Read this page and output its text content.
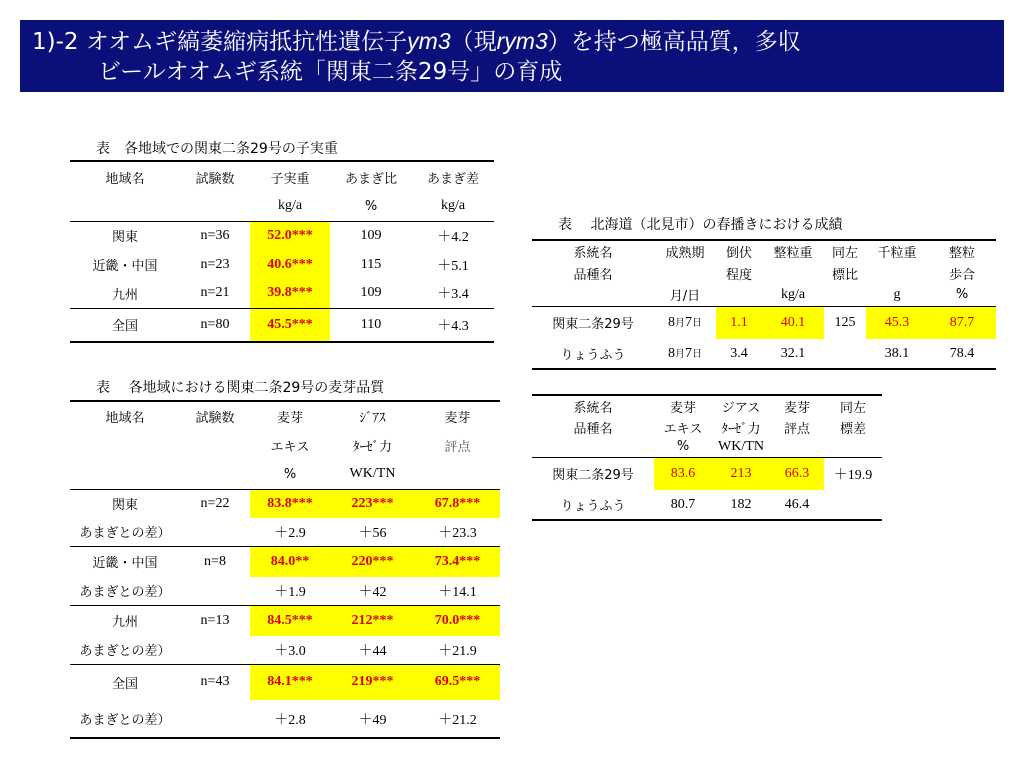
1)-2 オオムギ縞萎縮病抵抗性遺伝子ym3（現rym3）を持つ極高品質，多収
ビールオオムギ系統「関東二条29号」の育成
表　各地域での関東二条29号の子実重
地域名	試験数	子実重	あまぎ比	あまぎ差
		kg/a	%	kg/a
関東	n=36	52.0***	109	＋4.2
近畿・中国	n=23	40.6***	115	＋5.1
九州	n=21	39.8***	109	＋3.4
全国	n=80	45.5***	110	＋4.3
表　 各地域における関東二条29号の麦芽品質
地域名	試験数	麦芽	ｼﾞｱｽ	麦芽
		エキス	ﾀｰｾﾞ力	評点
		%	WK/TN	
関東	n=22	83.8***	223***	67.8***
あまぎとの差）		＋2.9	＋56	＋23.3
近畿・中国	n=8	84.0**	220***	73.4***
あまぎとの差）		＋1.9	＋42	＋14.1
九州	n=13	84.5***	212***	70.0***
あまぎとの差）		＋3.0	＋44	＋21.9
全国	n=43	84.1***	219***	69.5***
あまぎとの差）		＋2.8	＋49	＋21.2
表　 北海道（北見市）の春播きにおける成績
系統名	成熟期	倒伏	整粒重	同左	千粒重	整粒
品種名		程度		標比		歩合
	月/日		kg/a		g	%
関東二条29号	8月7日	1.1	40.1	125	45.3	87.7
りょうふう	8月7日	3.4	32.1		38.1	78.4
系統名	麦芽	ジアス	麦芽	同左
品種名	エキス	ﾀｰｾﾞ力	評点	標差
	%	WK/TN		
関東二条29号	83.6	213	66.3	＋19.9
りょうふう	80.7	182	46.4	
